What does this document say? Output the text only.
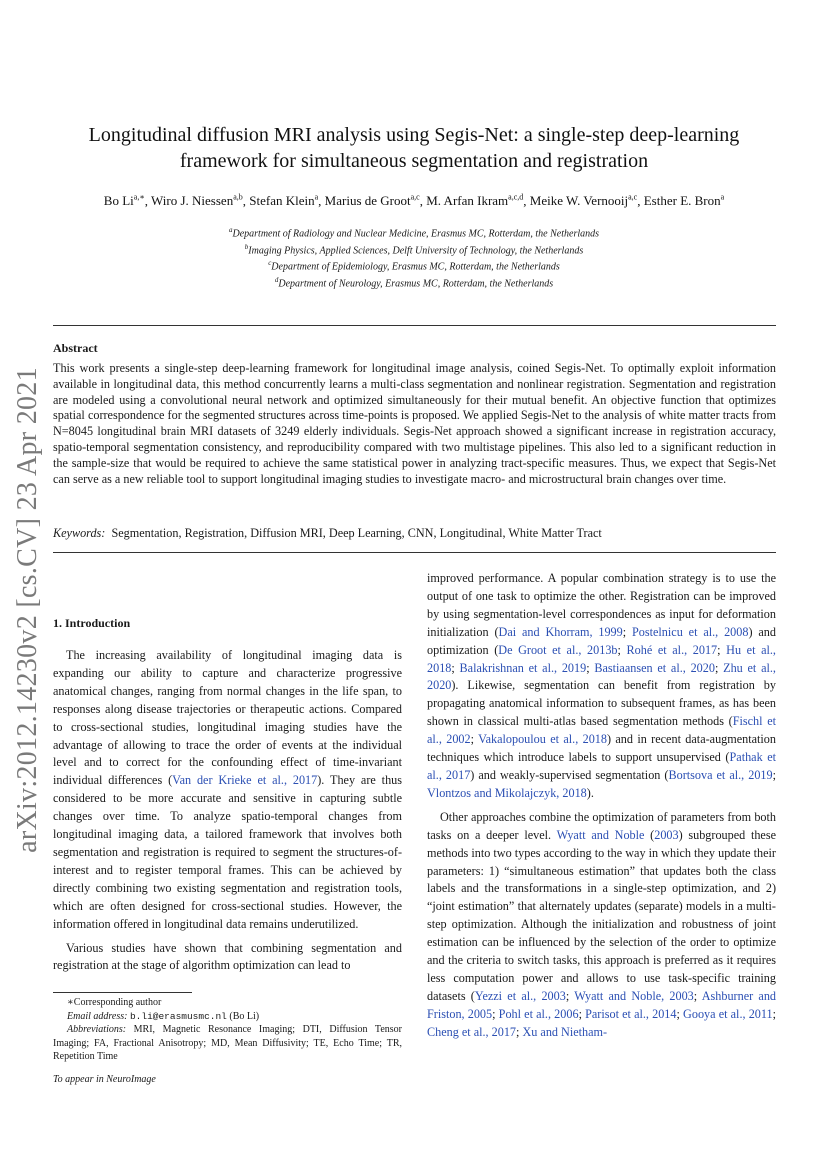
arXiv:2012.14230v2 [cs.CV] 23 Apr 2021
Longitudinal diffusion MRI analysis using Segis-Net: a single-step deep-learning
framework for simultaneous segmentation and registration
Bo $Li^{a,∗}$, Wiro J. Niessen$^{a,b}$, Stefan Klein$^a$, Marius de Groot$^{a,c}$, M. Arfan Ikram$^{a,c,d}$, Meike W. Vernooij$^{a,c}$, Esther E. Bron$^a$
$^a$Department of Radiology and Nuclear Medicine, Erasmus MC, Rotterdam, the Netherlands
$^b$Imaging Physics, Applied Sciences, Delft University of Technology, the Netherlands
$^c$Department of Epidemiology, Erasmus MC, Rotterdam, the Netherlands
$^d$Department of Neurology, Erasmus MC, Rotterdam, the Netherlands
Abstract
This work presents a single-step deep-learning framework for longitudinal image analysis, coined Segis-Net. To optimally exploit information available in longitudinal data, this method concurrently learns a multi-class segmentation and nonlinear registration. Segmentation and registration are modeled using a convolutional neural network and optimized simultaneously for their mutual benefit. An objective function that optimizes spatial correspondence for the segmented structures across time-points is proposed. We applied Segis-Net to the analysis of white matter tracts from N=8045 longitudinal brain MRI datasets of 3249 elderly individuals. Segis-Net approach showed a significant increase in registration accuracy, spatio-temporal segmentation consistency, and reproducibility compared with two multistage pipelines. This also led to a significant reduction in the sample-size that would be required to achieve the same statistical power in analyzing tract-specific measures. Thus, we expect that Segis-Net can serve as a new reliable tool to support longitudinal imaging studies to investigate macro- and microstructural brain changes over time.
Keywords: Segmentation, Registration, Diffusion MRI, Deep Learning, CNN, Longitudinal, White Matter Tract
1. Introduction

The increasing availability of longitudinal imaging data is expanding our ability to capture and characterize progressive anatomical changes, ranging from normal changes in the life span, to responses along disease trajectories or therapeutic actions. Compared to cross-sectional studies, longitudinal imaging studies have the advantage of allowing to trace the order of events at the individual level and to correct for the confounding effect of time-invariant individual differences (Van der Krieke et al., 2017). They are thus considered to be more accurate and sensitive in capturing subtle changes over time. To analyze spatio-temporal changes from longitudinal imaging data, a tailored framework that involves both segmentation and registration is required to segment the structures-of-interest and to register temporal frames. This can be achieved by directly combining two existing segmentation and registration tools, which are often designed for cross-sectional studies. However, the information offered in longitudinal data remains underutilized.

Various studies have shown that combining segmentation and registration at the stage of algorithm optimization can lead to

improved performance. A popular combination strategy is to use the output of one task to optimize the other. Registration can be improved by using segmentation-level correspondences as input for deformation initialization (Dai and Khorram, 1999; Postelnicu et al., 2008) and optimization (De Groot et al., 2013b; Rohé et al., 2017; Hu et al., 2018; Balakrishnan et al., 2019; Bastiaansen et al., 2020; Zhu et al., 2020). Likewise, segmentation can benefit from registration by propagating anatomical information to subsequent frames, as has been shown in classical multi-atlas based segmentation methods (Fischl et al., 2002; Vakalopoulou et al., 2018) and in recent data-augmentation techniques which introduce labels to support unsupervised (Pathak et al., 2017) and weakly-supervised segmentation (Bortsova et al., 2019; Vlontzos and Mikolajczyk, 2018).

Other approaches combine the optimization of parameters from both tasks on a deeper level. Wyatt and Noble (2003) subgrouped these methods into two types according to the way in which they update their parameters: 1) “simultaneous estimation” that updates both the class labels and the transformations in a single-step optimization, and 2) “joint estimation” that alternately updates (separate) models in a multi-step optimization. Although the initialization and robustness of joint estimation can be influenced by the selection of the order to optimize and the criteria to switch tasks, this approach is preferred as it requires less computation power and allows to use task-specific training datasets (Yezzi et al., 2003; Wyatt and Noble, 2003; Ashburner and Friston, 2005; Pohl et al., 2006; Parisot et al., 2014; Gooya et al., 2011; Cheng et al., 2017; Xu and Nietham-

∗Corresponding author
Email address: b.li@erasmusmc.nl (Bo Li)
Abbreviations: MRI, Magnetic Resonance Imaging; DTI, Diffusion Tensor Imaging; FA, Fractional Anisotropy; MD, Mean Diffusivity; TE, Echo Time; TR, Repetition Time
To appear in NeuroImage
